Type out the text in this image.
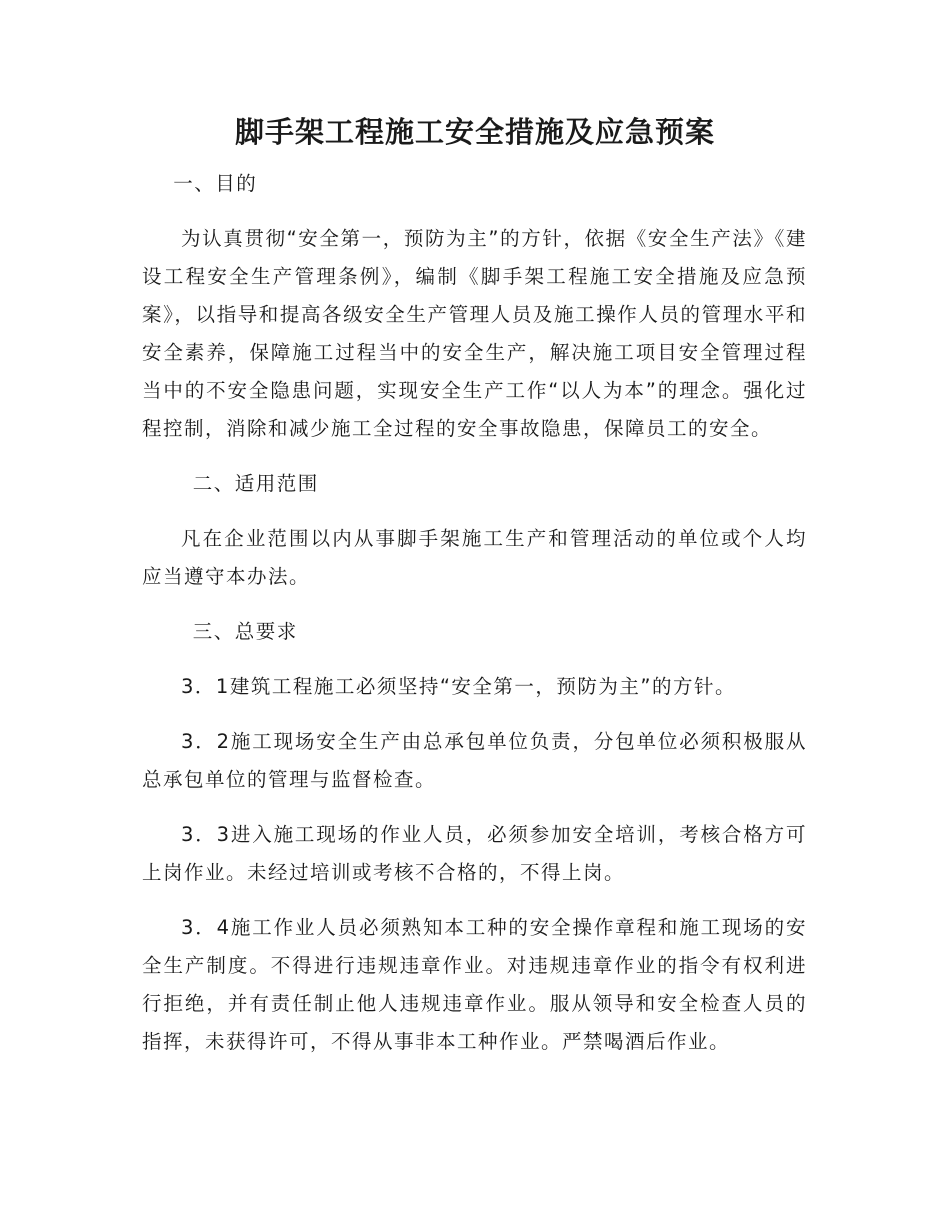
脚手架工程施工安全措施及应急预案

一、目的

为认真贯彻“安全第一，预防为主”的方针，依据《安全生产法》《建设工程安全生产管理条例》，编制《脚手架工程施工安全措施及应急预案》，以指导和提高各级安全生产管理人员及施工操作人员的管理水平和安全素养，保障施工过程当中的安全生产，解决施工项目安全管理过程当中的不安全隐患问题，实现安全生产工作“以人为本”的理念。强化过程控制，消除和减少施工全过程的安全事故隐患，保障员工的安全。

二、适用范围

凡在企业范围以内从事脚手架施工生产和管理活动的单位或个人均应当遵守本办法。

三、总要求

3．1建筑工程施工必须坚持“安全第一，预防为主”的方针。

3．2施工现场安全生产由总承包单位负责，分包单位必须积极服从总承包单位的管理与监督检查。

3．3进入施工现场的作业人员，必须参加安全培训，考核合格方可上岗作业。未经过培训或考核不合格的，不得上岗。

3．4施工作业人员必须熟知本工种的安全操作章程和施工现场的安全生产制度。不得进行违规违章作业。对违规违章作业的指令有权利进行拒绝，并有责任制止他人违规违章作业。服从领导和安全检查人员的指挥，未获得许可，不得从事非本工种作业。严禁喝酒后作业。
